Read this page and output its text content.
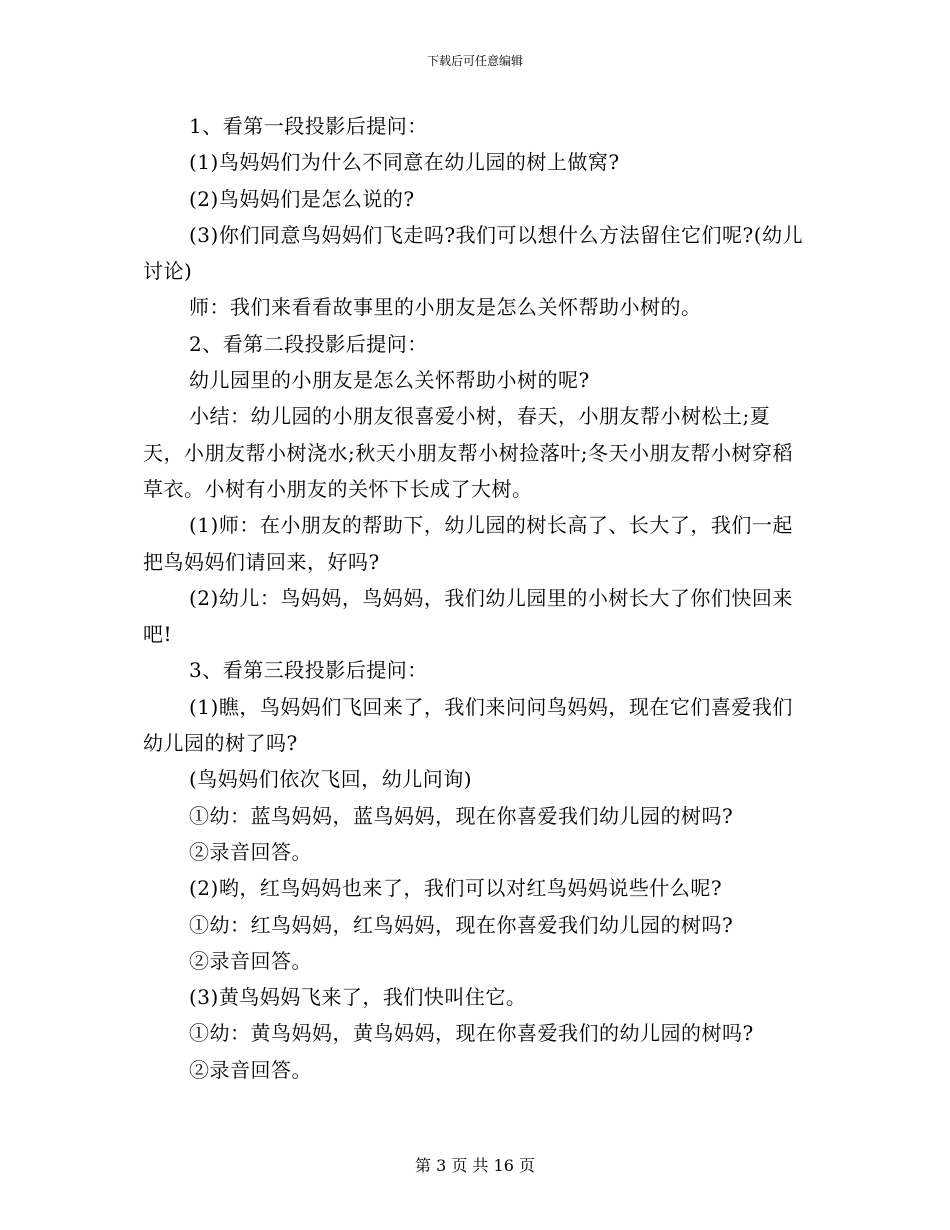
下载后可任意编辑

1、看第一段投影后提问：

(1)鸟妈妈们为什么不同意在幼儿园的树上做窝?

(2)鸟妈妈们是怎么说的?

(3)你们同意鸟妈妈们飞走吗?我们可以想什么方法留住它们呢?(幼儿讨论)

师：我们来看看故事里的小朋友是怎么关怀帮助小树的。

2、看第二段投影后提问：

幼儿园里的小朋友是怎么关怀帮助小树的呢?

小结：幼儿园的小朋友很喜爱小树，春天，小朋友帮小树松土;夏天，小朋友帮小树浇水;秋天小朋友帮小树捡落叶;冬天小朋友帮小树穿稻草衣。小树有小朋友的关怀下长成了大树。

(1)师：在小朋友的帮助下，幼儿园的树长高了、长大了，我们一起把鸟妈妈们请回来，好吗?

(2)幼儿：鸟妈妈，鸟妈妈，我们幼儿园里的小树长大了你们快回来吧!

3、看第三段投影后提问：

(1)瞧，鸟妈妈们飞回来了，我们来问问鸟妈妈，现在它们喜爱我们幼儿园的树了吗?

(鸟妈妈们依次飞回，幼儿问询)

①幼：蓝鸟妈妈，蓝鸟妈妈，现在你喜爱我们幼儿园的树吗?

②录音回答。

(2)哟，红鸟妈妈也来了，我们可以对红鸟妈妈说些什么呢?

①幼：红鸟妈妈，红鸟妈妈，现在你喜爱我们幼儿园的树吗?

②录音回答。

(3)黄鸟妈妈飞来了，我们快叫住它。

①幼：黄鸟妈妈，黄鸟妈妈，现在你喜爱我们的幼儿园的树吗?

②录音回答。

第 3 页 共 16 页
